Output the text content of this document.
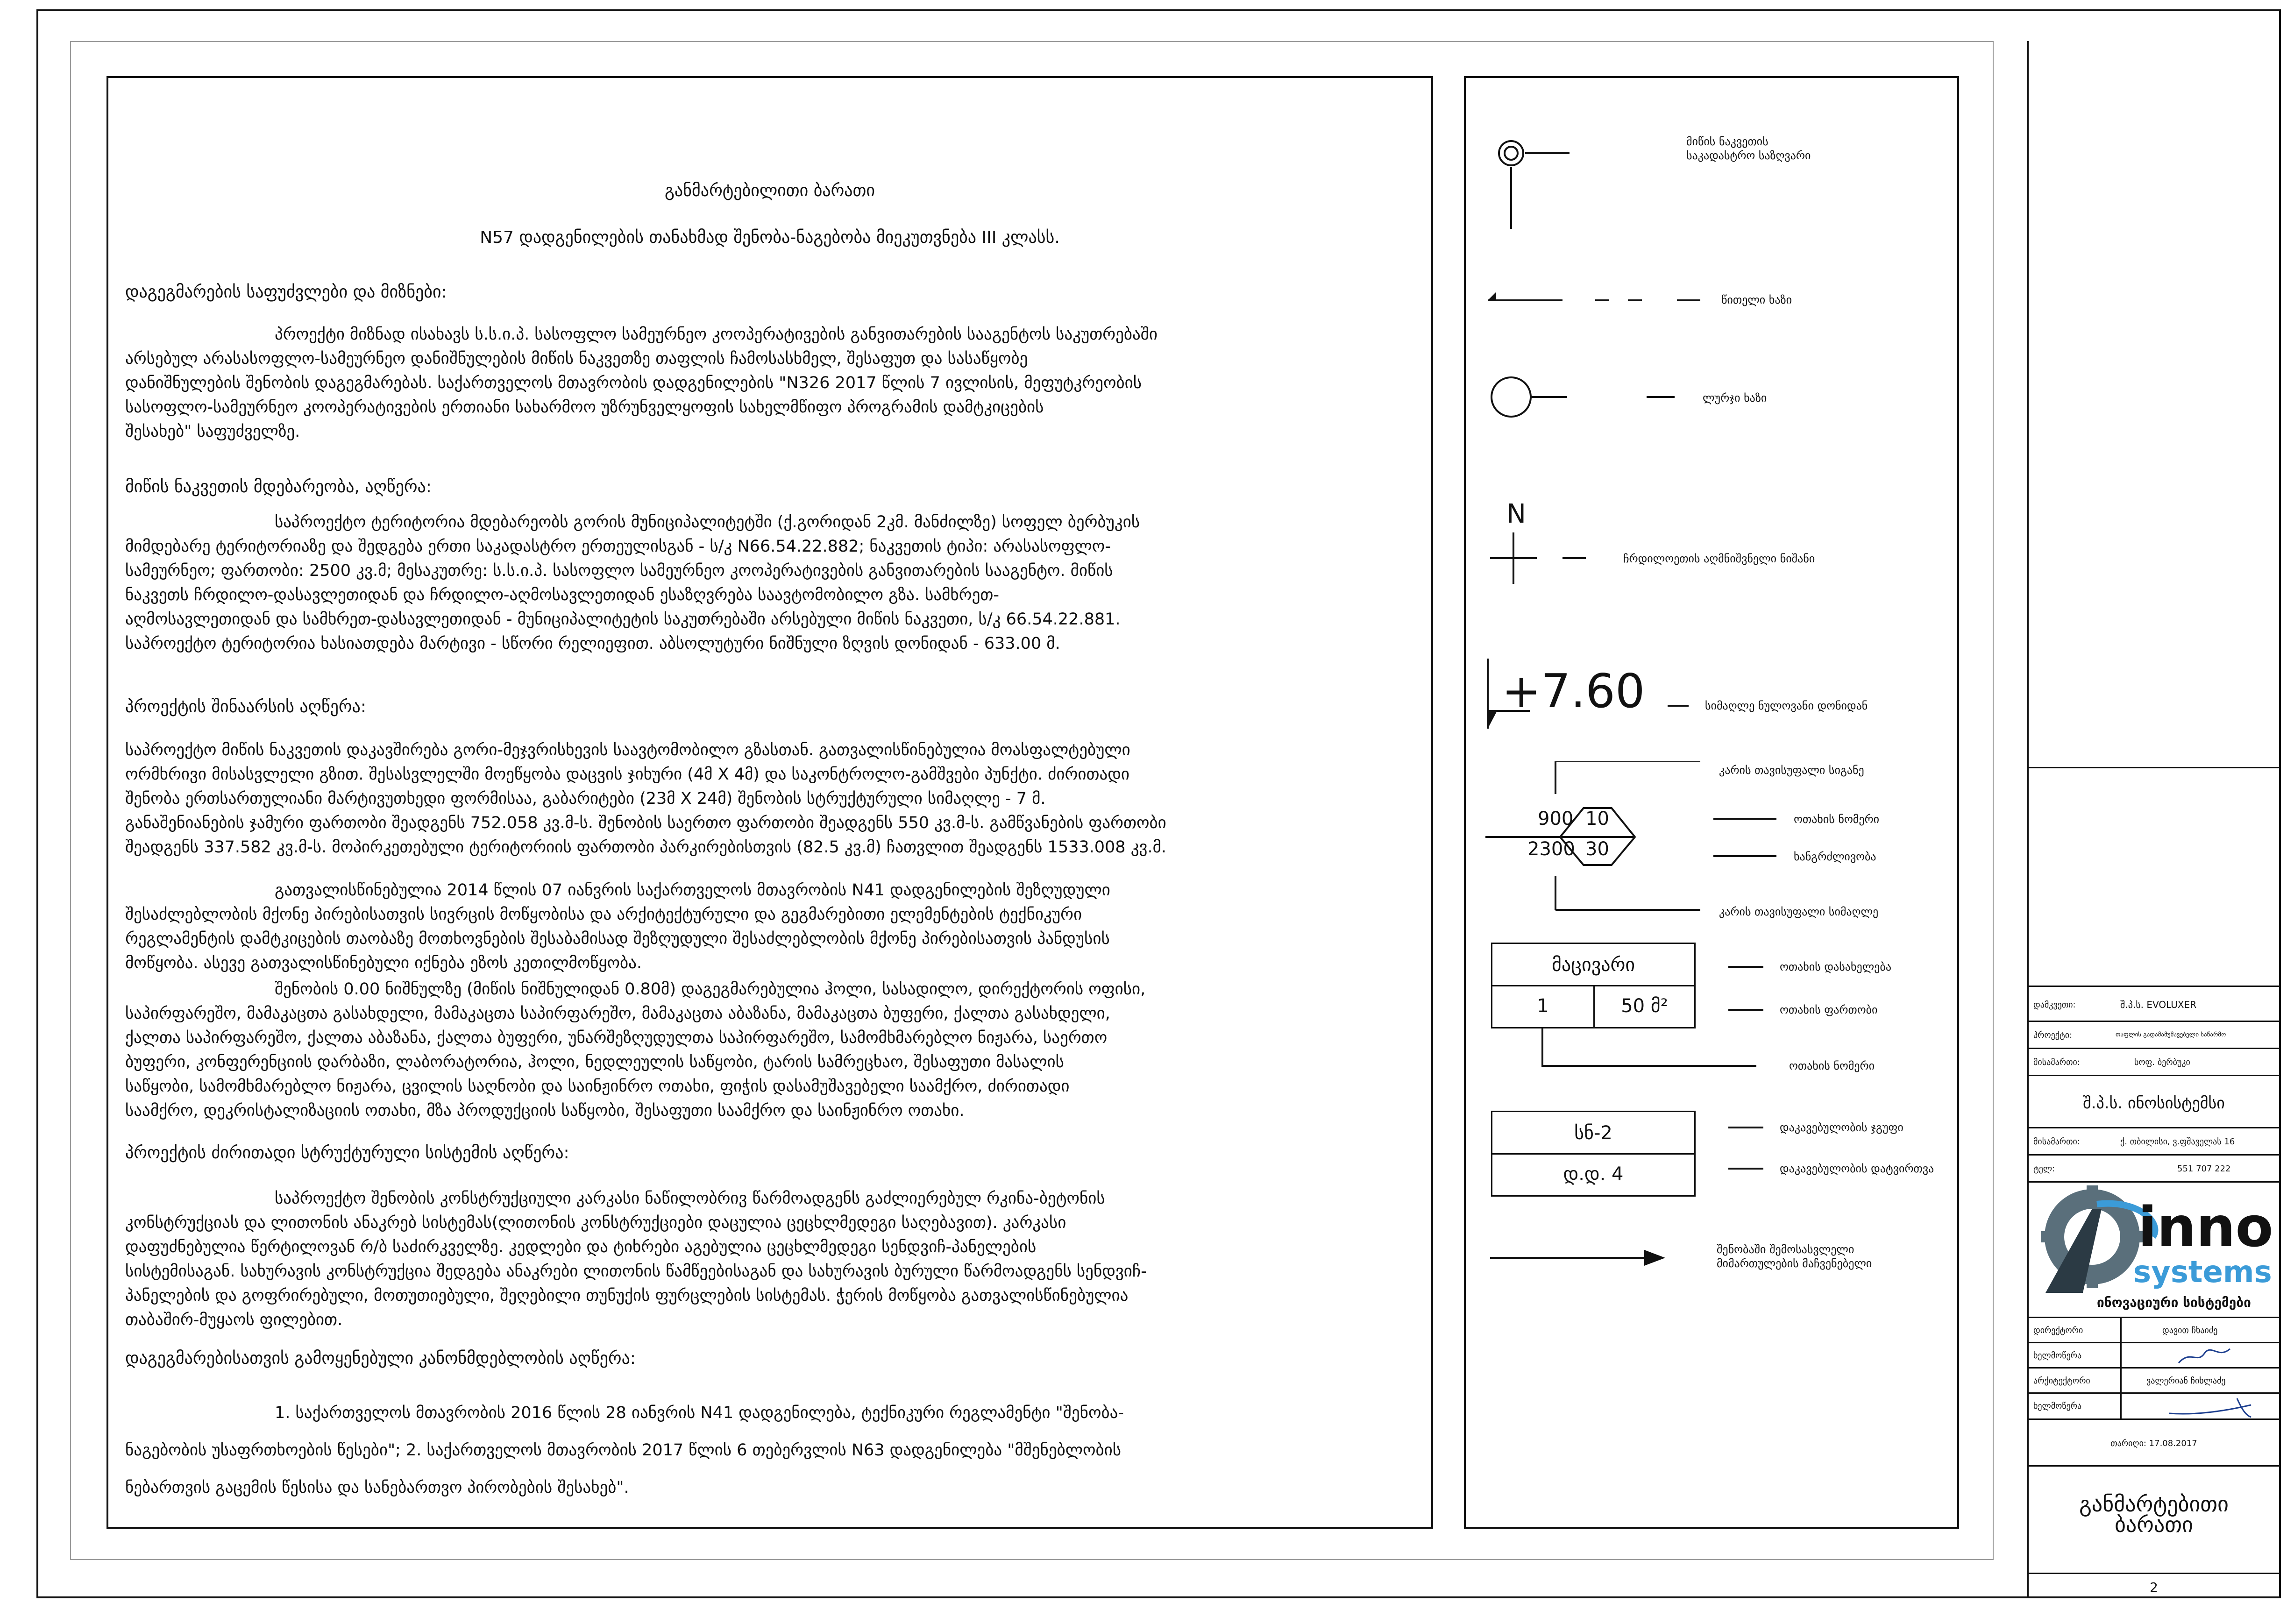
განმარტებილითი ბარათი
N57 დადგენილების თანახმად შენობა-ნაგებობა მიეკუთვნება III კლასს.
დაგეგმარების საფუძვლები და მიზნები:
პროექტი მიზნად ისახავს ს.ს.ი.პ. სასოფლო სამეურნეო კოოპერატივების განვითარების სააგენტოს საკუთრებაში
არსებულ არასასოფლო-სამეურნეო დანიშნულების მიწის ნაკვეთზე თაფლის ჩამოსასხმელ, შესაფუთ და სასაწყობე
დანიშნულების შენობის დაგეგმარებას. საქართველოს მთავრობის დადგენილების "N326 2017 წლის 7 ივლისის, მეფუტკრეობის
სასოფლო-სამეურნეო კოოპერატივების ერთიანი სახარმოო უზრუნველყოფის სახელმწიფო პროგრამის დამტკიცების
შესახებ" საფუძველზე.
მიწის ნაკვეთის მდებარეობა, აღწერა:
საპროექტო ტერიტორია მდებარეობს გორის მუნიციპალიტეტში (ქ.გორიდან 2კმ. მანძილზე) სოფელ ბერბუკის
მიმდებარე ტერიტორიაზე და შედგება ერთი საკადასტრო ერთეულისგან - ს/კ N66.54.22.882; ნაკვეთის ტიპი: არასასოფლო-
სამეურნეო; ფართობი: 2500 კვ.მ; მესაკუთრე: ს.ს.ი.პ. სასოფლო სამეურნეო კოოპერატივების განვითარების სააგენტო. მიწის
ნაკვეთს ჩრდილო-დასავლეთიდან და ჩრდილო-აღმოსავლეთიდან ესაზღვრება საავტომობილო გზა. სამხრეთ-
აღმოსავლეთიდან და სამხრეთ-დასავლეთიდან - მუნიციპალიტეტის საკუთრებაში არსებული მიწის ნაკვეთი, ს/კ 66.54.22.881.
საპროექტო ტერიტორია ხასიათდება მარტივი - სწორი რელიეფით. აბსოლუტური ნიშნული ზღვის დონიდან - 633.00 მ.
პროექტის შინაარსის აღწერა:
საპროექტო მიწის ნაკვეთის დაკავშირება გორი-მეჯვრისხევის საავტომობილო გზასთან. გათვალისწინებულია მოასფალტებული
ორმხრივი მისასვლელი გზით. შესასვლელში მოეწყობა დაცვის ჯიხური (4მ X 4მ) და საკონტროლო-გამშვები პუნქტი. ძირითადი
შენობა ერთსართულიანი მარტივუთხედი ფორმისაა, გაბარიტები (23მ X 24მ) შენობის სტრუქტურული სიმაღლე - 7 მ.
განაშენიანების ჯამური ფართობი შეადგენს 752.058 კვ.მ-ს. შენობის საერთო ფართობი შეადგენს 550 კვ.მ-ს. გამწვანების ფართობი
შეადგენს 337.582 კვ.მ-ს. მოპირკეთებული ტერიტორიის ფართობი პარკირებისთვის (82.5 კვ.მ) ჩათვლით შეადგენს 1533.008 კვ.მ.
გათვალისწინებულია 2014 წლის 07 იანვრის საქართველოს მთავრობის N41 დადგენილების შეზღუდული
შესაძლებლობის მქონე პირებისათვის სივრცის მოწყობისა და არქიტექტურული და გეგმარებითი ელემენტების ტექნიკური
რეგლამენტის დამტკიცების თაობაზე მოთხოვნების შესაბამისად შეზღუდული შესაძლებლობის მქონე პირებისათვის პანდუსის
მოწყობა. ასევე გათვალისწინებული იქნება ეზოს კეთილმოწყობა.
შენობის 0.00 ნიშნულზე (მიწის ნიშნულიდან 0.80მ) დაგეგმარებულია ჰოლი, სასადილო, დირექტორის ოფისი,
საპირფარეშო, მამაკაცთა გასახდელი, მამაკაცთა საპირფარეშო, მამაკაცთა აბაზანა, მამაკაცთა ბუფერი, ქალთა გასახდელი,
ქალთა საპირფარეშო, ქალთა აბაზანა, ქალთა ბუფერი, უნარშეზღუდულთა საპირფარეშო, სამომხმარებლო ნიჟარა, საერთო
ბუფერი, კონფერენციის დარბაზი, ლაბორატორია, ჰოლი, ნედლეულის საწყობი, ტარის სამრეცხაო, შესაფუთი მასალის
საწყობი, სამომხმარებლო ნიჟარა, ცვილის საღნობი და საინჟინრო ოთახი, ფიჭის დასამუშავებელი საამქრო, ძირითადი
საამქრო, დეკრისტალიზაციის ოთახი, მზა პროდუქციის საწყობი, შესაფუთი საამქრო და საინჟინრო ოთახი.
პროექტის ძირითადი სტრუქტურული სისტემის აღწერა:
საპროექტო შენობის კონსტრუქციული კარკასი ნაწილობრივ წარმოადგენს გაძლიერებულ რკინა-ბეტონის
კონსტრუქციას და ლითონის ანაკრებ სისტემას(ლითონის კონსტრუქციები დაცულია ცეცხლმედეგი საღებავით). კარკასი
დაფუძნებულია წერტილოვან რ/ბ საძირკველზე. კედლები და ტიხრები აგებულია ცეცხლმედეგი სენდვიჩ-პანელების
სისტემისაგან. სახურავის კონსტრუქცია შედგება ანაკრები ლითონის წამწეებისაგან და სახურავის ბურული წარმოადგენს სენდვიჩ-
პანელების და გოფრირებული, მოთუთიებული, შეღებილი თუნუქის ფურცლების სისტემას. ჭერის მოწყობა გათვალისწინებულია
თაბაშირ-მუყაოს ფილებით.
დაგეგმარებისათვის გამოყენებული კანონმდებლობის აღწერა:
1. საქართველოს მთავრობის 2016 წლის 28 იანვრის N41 დადგენილება, ტექნიკური რეგლამენტი "შენობა-
ნაგებობის უსაფრთხოების წესები"; 2. საქართველოს მთავრობის 2017 წლის 6 თებერვლის N63 დადგენილება "მშენებლობის
ნებართვის გაცემის წესისა და სანებართვო პირობების შესახებ".
მიწის ნაკვეთის
საკადასტრო საზღვარი
წითელი ხაზი
ლურჯი ხაზი
N
ჩრდილოეთის აღმნიშვნელი ნიშანი
+7.60	სიმაღლე ნულოვანი დონიდან
900 10
2300 30
კარის თავისუფალი სიგანე
ოთახის ნომერი
ხანგრძლივობა
კარის თავისუფალი სიმაღლე
მაცივარი
1	50 მ²
ოთახის დასახელება
ოთახის ფართობი
ოთახის ნომერი
სნ-2
დ.დ. 4
დაკავებულობის ჯგუფი
დაკავებულობის დატვირთვა
შენობაში შემოსასვლელი
მიმართულების მაჩვენებელი
დამკვეთი:	შ.პ.ს. EVOLUXER
პროექტი:	თაფლის გადამამუშავებელი საწარმო
მისამართი:	სოფ. ბერბუკი
შ.პ.ს. ინოსისტემსი
მისამართი:	ქ. თბილისი, ვ.ფშაველას 16
ტელ:	551 707 222
inno
systems
ინოვაციური სისტემები
დირექტორი	დავით ჩხაიძე
ხელმოწერა
არქიტექტორი	ვალერიან ჩიხლაძე
ხელმოწერა
თარიღი: 17.08.2017
განმარტებითი
ბარათი
2
